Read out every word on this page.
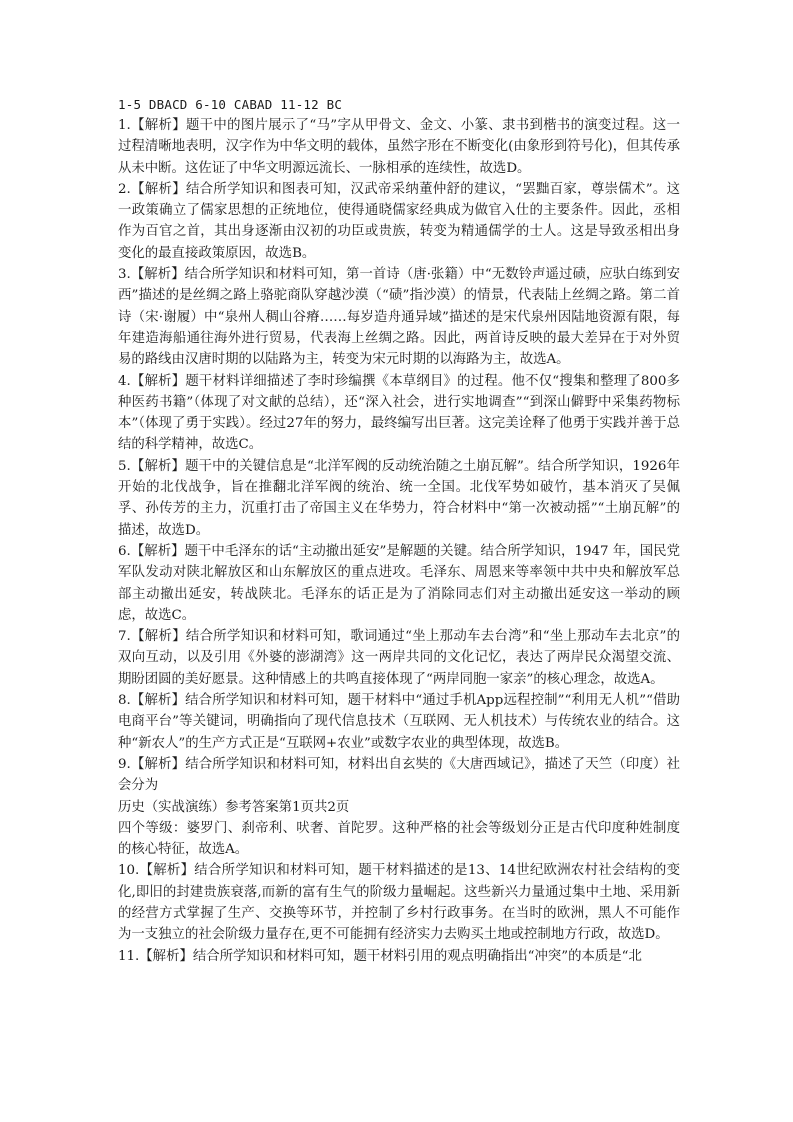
1-5 DBACD 6-10 CABAD 11-12 BC

1.【解析】题干中的图片展示了“马”字从甲骨文、金文、小篆、隶书到楷书的演变过程。这一过程清晰地表明，汉字作为中华文明的载体，虽然字形在不断变化(由象形到符号化)，但其传承从未中断。这佐证了中华文明源远流长、一脉相承的连续性，故选D。

2.【解析】结合所学知识和图表可知，汉武帝采纳董仲舒的建议，“罢黜百家，尊崇儒术”。这一政策确立了儒家思想的正统地位，使得通晓儒家经典成为做官入仕的主要条件。因此，丞相作为百官之首，其出身逐渐由汉初的功臣或贵族，转变为精通儒学的士人。这是导致丞相出身变化的最直接政策原因，故选B。

3.【解析】结合所学知识和材料可知，第一首诗（唐·张籍）中“无数铃声遥过碛，应驮白练到安西”描述的是丝绸之路上骆驼商队穿越沙漠（“碛”指沙漠）的情景，代表陆上丝绸之路。第二首诗（宋·谢履）中“泉州人稠山谷瘠……每岁造舟通异域”描述的是宋代泉州因陆地资源有限，每年建造海船通往海外进行贸易，代表海上丝绸之路。因此，两首诗反映的最大差异在于对外贸易的路线由汉唐时期的以陆路为主，转变为宋元时期的以海路为主，故选A。

4.【解析】题干材料详细描述了李时珍编撰《本草纲目》的过程。他不仅“搜集和整理了800多种医药书籍”（体现了对文献的总结），还“深入社会，进行实地调查”“到深山僻野中采集药物标本”（体现了勇于实践）。经过27年的努力，最终编写出巨著。这完美诠释了他勇于实践并善于总结的科学精神，故选C。

5.【解析】题干中的关键信息是“北洋军阀的反动统治随之土崩瓦解”。结合所学知识，1926年开始的北伐战争，旨在推翻北洋军阀的统治、统一全国。北伐军势如破竹，基本消灭了吴佩孚、孙传芳的主力，沉重打击了帝国主义在华势力，符合材料中“第一次被动摇”“土崩瓦解”的描述，故选D。

6.【解析】题干中毛泽东的话“主动撤出延安”是解题的关键。结合所学知识，1947 年，国民党军队发动对陕北解放区和山东解放区的重点进攻。毛泽东、周恩来等率领中共中央和解放军总部主动撤出延安，转战陕北。毛泽东的话正是为了消除同志们对主动撤出延安这一举动的顾虑，故选C。

7.【解析】结合所学知识和材料可知，歌词通过“坐上那动车去台湾”和“坐上那动车去北京”的双向互动，以及引用《外婆的澎湖湾》这一两岸共同的文化记忆，表达了两岸民众渴望交流、期盼团圆的美好愿景。这种情感上的共鸣直接体现了“两岸同胞一家亲”的核心理念，故选A。

8.【解析】结合所学知识和材料可知，题干材料中“通过手机App远程控制”“利用无人机”“借助电商平台”等关键词，明确指向了现代信息技术（互联网、无人机技术）与传统农业的结合。这种“新农人”的生产方式正是“互联网+农业”或数字农业的典型体现，故选B。

9.【解析】结合所学知识和材料可知，材料出自玄奘的《大唐西域记》，描述了天竺（印度）社会分为

历史（实战演练）参考答案第1页共2页

四个等级：婆罗门、刹帝利、吠奢、首陀罗。这种严格的社会等级划分正是古代印度种姓制度的核心特征，故选A。

10.【解析】结合所学知识和材料可知，题干材料描述的是13、14世纪欧洲农村社会结构的变化,即旧的封建贵族衰落,而新的富有生气的阶级力量崛起。这些新兴力量通过集中土地、采用新的经营方式掌握了生产、交换等环节，并控制了乡村行政事务。在当时的欧洲，黑人不可能作为一支独立的社会阶级力量存在,更不可能拥有经济实力去购买土地或控制地方行政，故选D。

11.【解析】结合所学知识和材料可知，题干材料引用的观点明确指出“冲突”的本质是“北
